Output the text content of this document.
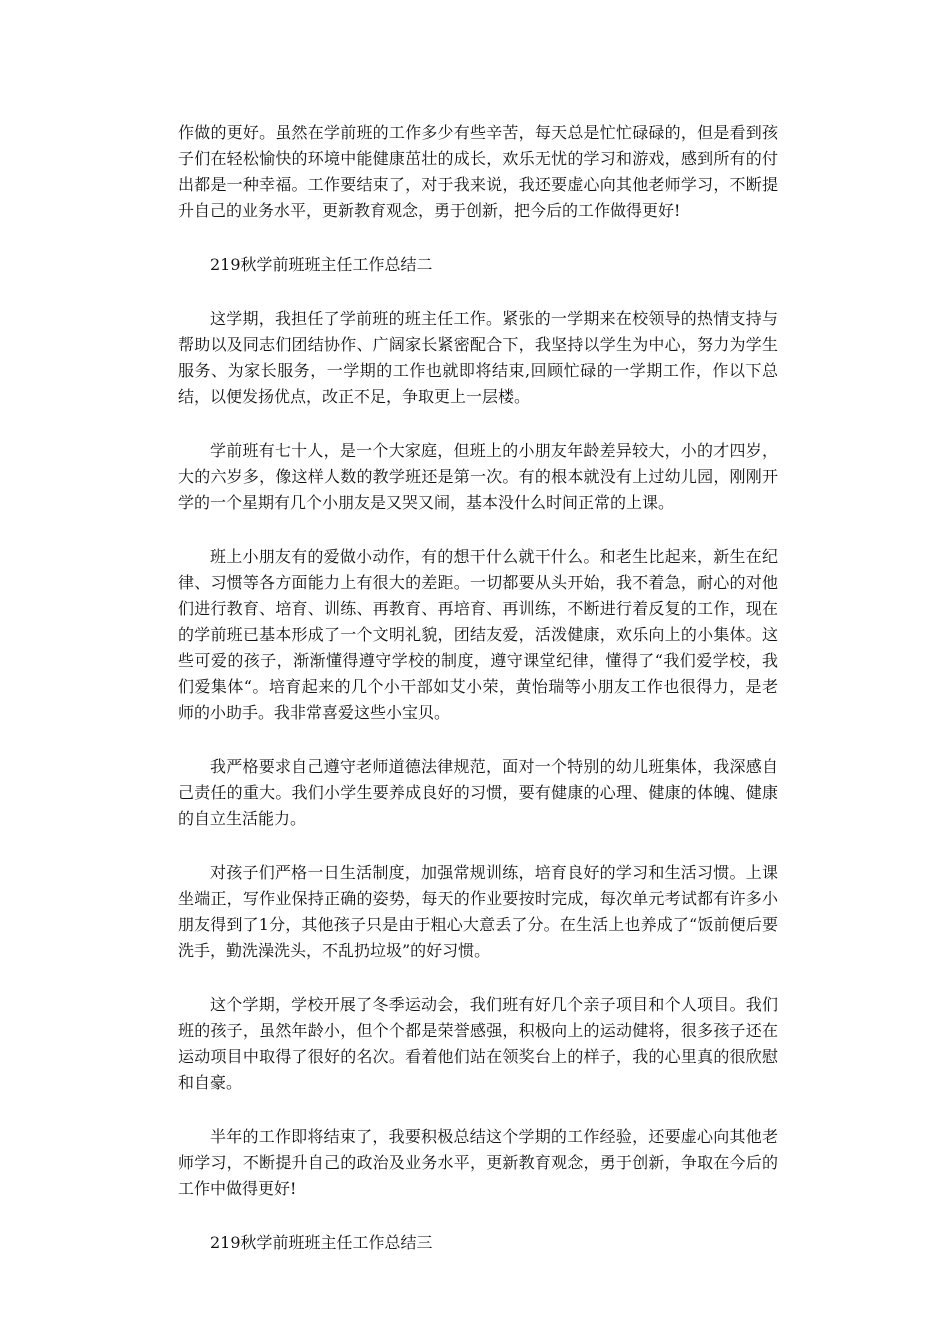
作做的更好。虽然在学前班的工作多少有些辛苦，每天总是忙忙碌碌的，但是看到孩子们在轻松愉快的环境中能健康茁壮的成长，欢乐无忧的学习和游戏，感到所有的付出都是一种幸福。工作要结束了，对于我来说，我还要虚心向其他老师学习，不断提升自己的业务水平，更新教育观念，勇于创新，把今后的工作做得更好!

219秋学前班班主任工作总结二

这学期，我担任了学前班的班主任工作。紧张的一学期来在校领导的热情支持与帮助以及同志们团结协作、广阔家长紧密配合下，我坚持以学生为中心，努力为学生服务、为家长服务，一学期的工作也就即将结束,回顾忙碌的一学期工作，作以下总结，以便发扬优点，改正不足，争取更上一层楼。

学前班有七十人，是一个大家庭，但班上的小朋友年龄差异较大，小的才四岁，大的六岁多，像这样人数的教学班还是第一次。有的根本就没有上过幼儿园，刚刚开学的一个星期有几个小朋友是又哭又闹，基本没什么时间正常的上课。

班上小朋友有的爱做小动作，有的想干什么就干什么。和老生比起来，新生在纪律、习惯等各方面能力上有很大的差距。一切都要从头开始，我不着急，耐心的对他们进行教育、培育、训练、再教育、再培育、再训练，不断进行着反复的工作，现在的学前班已基本形成了一个文明礼貌，团结友爱，活泼健康，欢乐向上的小集体。这些可爱的孩子，渐渐懂得遵守学校的制度，遵守课堂纪律，懂得了“我们爱学校，我们爱集体“。培育起来的几个小干部如艾小荣，黄怡瑞等小朋友工作也很得力，是老师的小助手。我非常喜爱这些小宝贝。

我严格要求自己遵守老师道德法律规范，面对一个特别的幼儿班集体，我深感自己责任的重大。我们小学生要养成良好的习惯，要有健康的心理、健康的体魄、健康的自立生活能力。

对孩子们严格一日生活制度，加强常规训练，培育良好的学习和生活习惯。上课坐端正，写作业保持正确的姿势，每天的作业要按时完成，每次单元考试都有许多小朋友得到了1分，其他孩子只是由于粗心大意丢了分。在生活上也养成了“饭前便后要洗手，勤洗澡洗头，不乱扔垃圾”的好习惯。

这个学期，学校开展了冬季运动会，我们班有好几个亲子项目和个人项目。我们班的孩子，虽然年龄小，但个个都是荣誉感强，积极向上的运动健将，很多孩子还在运动项目中取得了很好的名次。看着他们站在领奖台上的样子，我的心里真的很欣慰和自豪。

半年的工作即将结束了，我要积极总结这个学期的工作经验，还要虚心向其他老师学习，不断提升自己的政治及业务水平，更新教育观念，勇于创新，争取在今后的工作中做得更好!

219秋学前班班主任工作总结三
